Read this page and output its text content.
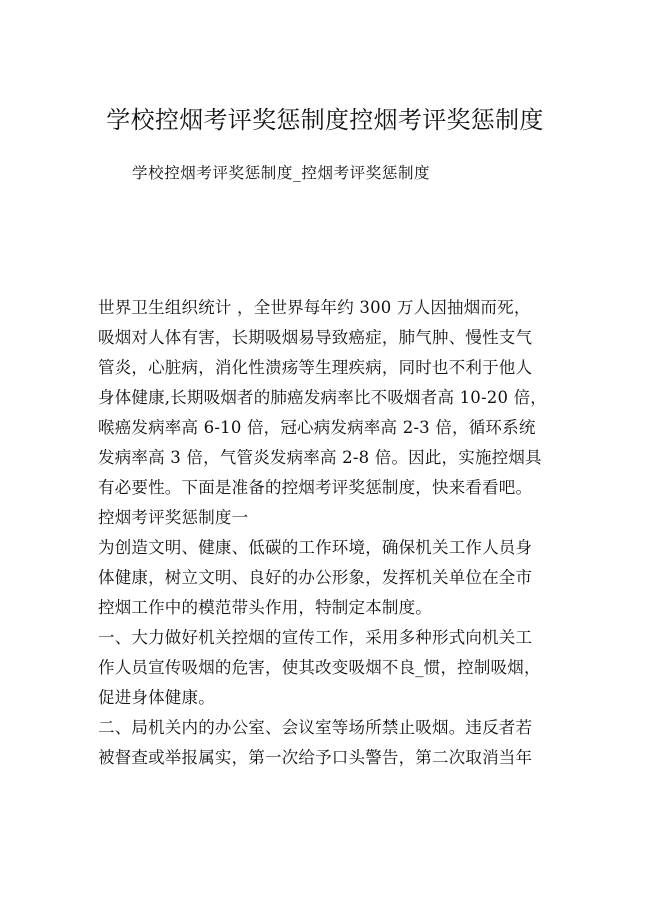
学校控烟考评奖惩制度控烟考评奖惩制度

学校控烟考评奖惩制度_控烟考评奖惩制度

世界卫生组织统计 ，全世界每年约 300 万人因抽烟而死，
吸烟对人体有害，长期吸烟易导致癌症，肺气肿、慢性支气
管炎，心脏病，消化性溃疡等生理疾病，同时也不利于他人
身体健康,长期吸烟者的肺癌发病率比不吸烟者高 10-20 倍，
喉癌发病率高 6-10 倍，冠心病发病率高 2-3 倍，循环系统
发病率高 3 倍，气管炎发病率高 2-8 倍。因此，实施控烟具
有必要性。下面是准备的控烟考评奖惩制度，快来看看吧。
控烟考评奖惩制度一
为创造文明、健康、低碳的工作环境，确保机关工作人员身
体健康，树立文明、良好的办公形象，发挥机关单位在全市
控烟工作中的模范带头作用，特制定本制度。
一、大力做好机关控烟的宣传工作，采用多种形式向机关工
作人员宣传吸烟的危害，使其改变吸烟不良_惯，控制吸烟，
促进身体健康。
二、局机关内的办公室、会议室等场所禁止吸烟。违反者若
被督查或举报属实，第一次给予口头警告，第二次取消当年
